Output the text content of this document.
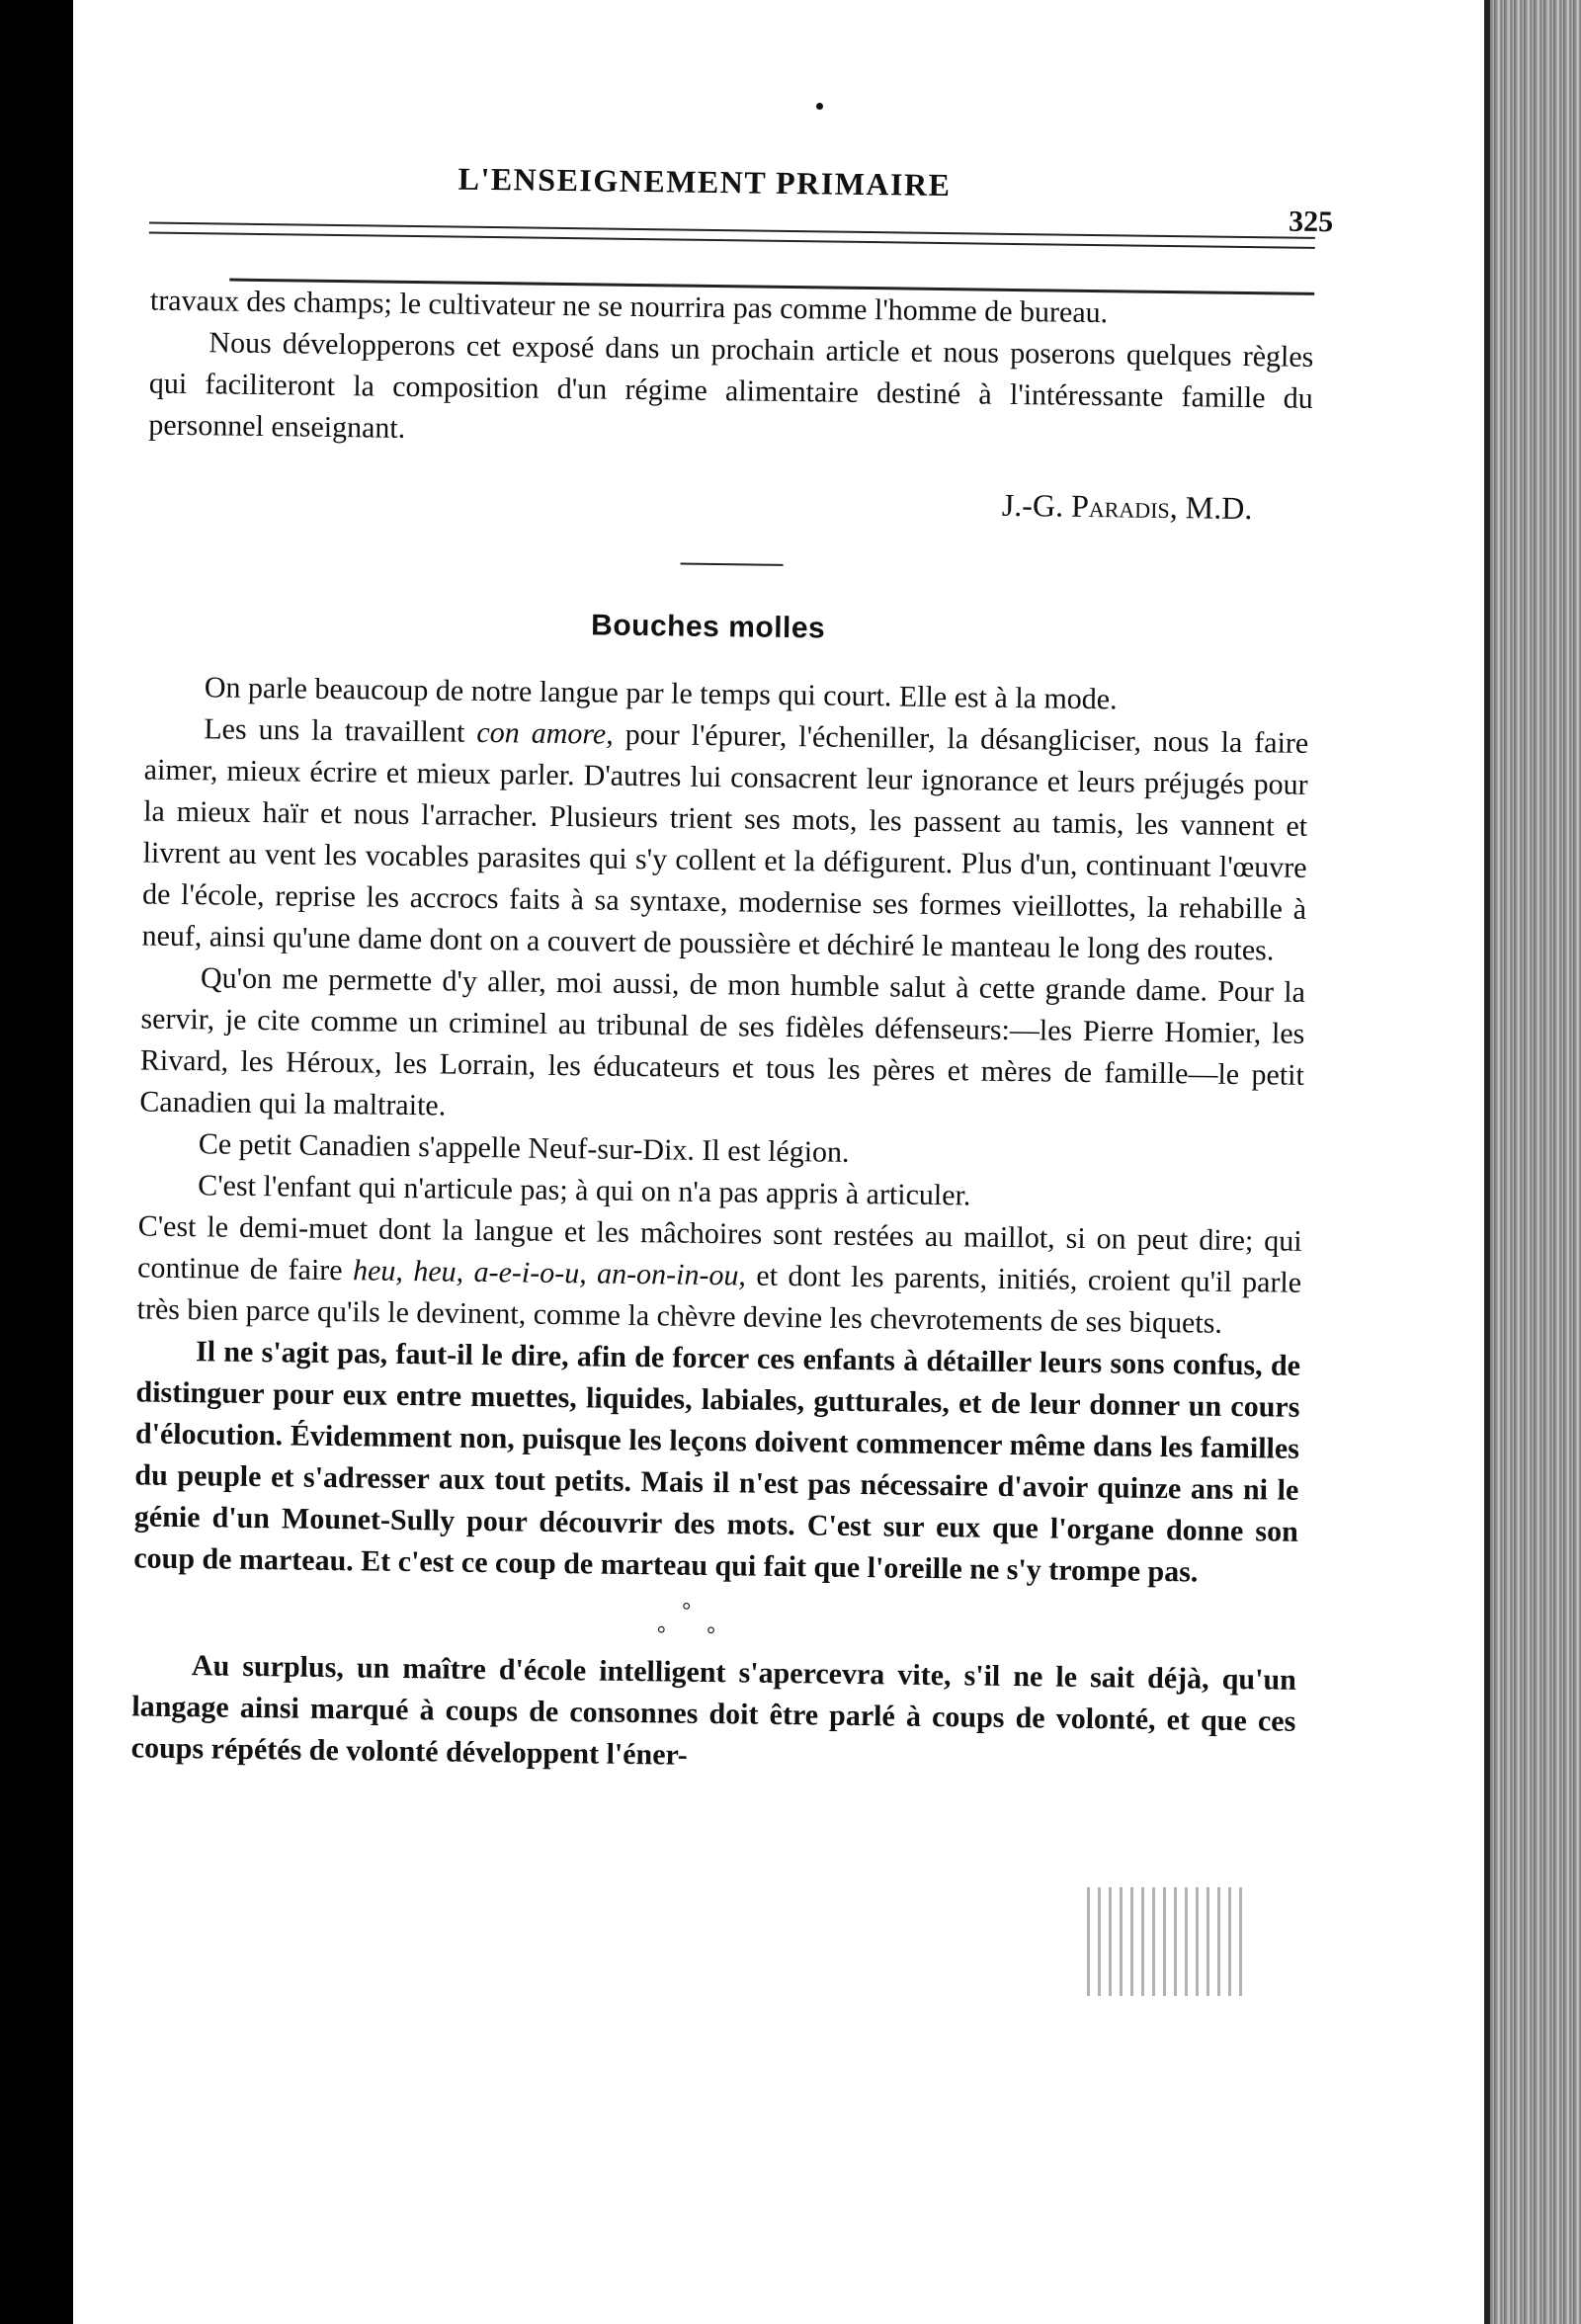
L'ENSEIGNEMENT PRIMAIRE
325

travaux des champs; le cultivateur ne se nourrira pas comme l'homme de bureau.

Nous développerons cet exposé dans un prochain article et nous poserons quelques règles qui faciliteront la composition d'un régime alimentaire destiné à l'intéressante famille du personnel enseignant.

J.-G. Paradis, M.D.
Bouches molles

On parle beaucoup de notre langue par le temps qui court. Elle est à la mode.

Les uns la travaillent con amore, pour l'épurer, l'écheniller, la désangliciser, nous la faire aimer, mieux écrire et mieux parler. D'autres lui consacrent leur ignorance et leurs préjugés pour la mieux haïr et nous l'arracher. Plusieurs trient ses mots, les passent au tamis, les vannent et livrent au vent les vocables parasites qui s'y collent et la défigurent. Plus d'un, continuant l'œuvre de l'école, reprise les accrocs faits à sa syntaxe, modernise ses formes vieillottes, la rehabille à neuf, ainsi qu'une dame dont on a couvert de poussière et déchiré le manteau le long des routes.

Qu'on me permette d'y aller, moi aussi, de mon humble salut à cette grande dame. Pour la servir, je cite comme un criminel au tribunal de ses fidèles défenseurs:—les Pierre Homier, les Rivard, les Héroux, les Lorrain, les éducateurs et tous les pères et mères de famille—le petit Canadien qui la maltraite.

Ce petit Canadien s'appelle Neuf-sur-Dix. Il est légion.

C'est l'enfant qui n'articule pas; à qui on n'a pas appris à articuler.

C'est le demi-muet dont la langue et les mâchoires sont restées au maillot, si on peut dire; qui continue de faire heu, heu, a-e-i-o-u, an-on-in-ou, et dont les parents, initiés, croient qu'il parle très bien parce qu'ils le devinent, comme la chèvre devine les chevrotements de ses biquets.

Il ne s'agit pas, faut-il le dire, afin de forcer ces enfants à détailler leurs sons confus, de distinguer pour eux entre muettes, liquides, labiales, gutturales, et de leur donner un cours d'élocution. Évidemment non, puisque les leçons doivent commencer même dans les familles du peuple et s'adresser aux tout petits. Mais il n'est pas nécessaire d'avoir quinze ans ni le génie d'un Mounet-Sully pour découvrir des mots. C'est sur eux que l'organe donne son coup de marteau. Et c'est ce coup de marteau qui fait que l'oreille ne s'y trompe pas.

°
° °

Au surplus, un maître d'école intelligent s'apercevra vite, s'il ne le sait déjà, qu'un langage ainsi marqué à coups de consonnes doit être parlé à coups de volonté, et que ces coups répétés de volonté développent l'éner-
